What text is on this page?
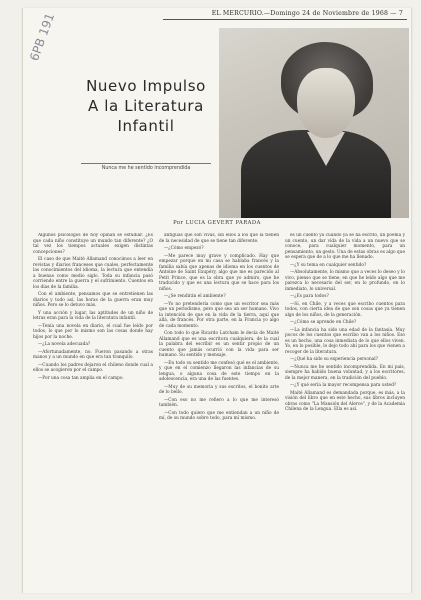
EL MERCURIO.—Domingo 24 de Noviembre de 1968 — 7
6PB 191
Nuevo Impulso
A la Literatura
Infantil
Nunca me he sentido incomprendida
Por LUCIA GEVERT PARADA

Algunos psicólogos de hoy opinan se estudiar. ¿Es que cada niño constituye un mundo tan diferente? ¿O tal vez los tiempos actuales exigen distintas concepciones?

El caso de que Maité Allamand conocimos a leer en revistas y diarios franceses que cuales, perfectamente las conocimientos del idioma, la lectura que entendía a buenas como medio siglo. Toda su infancia pasó corriendo entre la guerra y el sufrimiento. Cuentos en los días de la familia.

Con el ambiente, pensamos que se entretienen las diarios y todo así, las horas de la guerra eran muy niños. Pero se lo detuvo más.

Y una acción y lugar, las aptitudes de un niño de letras eran para la vida de la literatura infantil.

—Tenía una novela en diario, el cual fue leído por todos, lo que por lo mismo son las cosas donde hay hijos por la noche.

—¿La novela adecuada?

—Afortunadamente, no. Fueron pasando a otras manos y a un mundo en que era tan tranquilo.

—Cuando los padres dejaron el chileno donde cual a ellos se acogieron por el campo.

—Por una cosa tan amplia en el campo.

antiguas que son vivas, sin ellos a los que la tienen de la necesidad de que se tiene tan diferente.

—¿Cómo empezó?

—Me parece muy grave y complicado. Hay que empezar porque en mi casa se hablaba francés y la familia sabía que apenas de idioma en los cuentos de Antoine de Saint Exupéry, algo que me es parecido al Petit Prince, que es la obra que yo admiro, que he traducido y que es una lectura que se hace para los niños.

—¿Se rendirán el ambiente?

—Yo no pretendería como que un escritor sea más que un periodismo, pero que sea un ser humano. Vivo la intención de que en la vida de la tierra, aquí que allá, de francés. Por otra parte, en la Francia yo algo de cada momento.

Con todo lo que Ricardo Latcham le decía de Maité Allamand que es una escritora cualquiera, de la cual la palabra del escribir es un sentir propio de un cuento que jamás ocurrió con la vida para ser humano. Su sentido y mensaje.

—En todo su sentido me confesó qué es el ambiente, y que en el comienzo llegaron las infancias de su lengua, o alguna cosa de este tiempo en la adolescencia, era una de las fuentes.

—Muy de su memoria y sus escritos, el bonito arte de lo bello.

—Con eso no me refiero a lo que me interesó también.

—Con todo quiero que me entiendan a un niño de mí, de su mundo sobre todo, para mí mismo.

es un cuento ya cuando ya se ha escrito, un poema y un cuento, un dar vida de la vida a un nuevo que se conoce, para cualquier momento, para un pensamiento, un gesto. Una de estas obras es algo que se espera que de a lo que me ha llenado.

—¿Y su tema en cualquier sentido?

—Absolutamente, lo mismo que a veces lo deseo y lo vivo, pienso que se tiene, en que he leído algo que me parezca lo necesario del ser, en lo profundo, en lo inmediato, lo universal.

—¿Es para todos?

—Sí, en Chile, y a veces que escribo cuentos para todos, con cierta idea de que son cosas que ya tienen algo de los niños, de la generación.

—¿Cómo se aprende en Chile?

—La infancia ha sido una edad de la fantasía. Muy pocos de los cuentos que escribo van a los niños. Eso es un hecho, una cosa inmediata de lo que ellos viven. Yo, en lo posible, lo dejo todo ahí para los que vienen a recoger de la literatura.

—¿Qué ha sido su experiencia personal?

—Nunca me he sentido incomprendida. En mi país, siempre ha habido buena voluntad, y a los escritores, de la mejor manera, en la tradición del pueblo.

—¿Y qué sería la mayor recompensa para usted?

Maité Allamand es demandada porque, es más, a la visión del libro que en este hecho, sus libros incluyen obras como "La Mansión del Alerce", y de la Academia Chilena de la Lengua. Ella es así.
